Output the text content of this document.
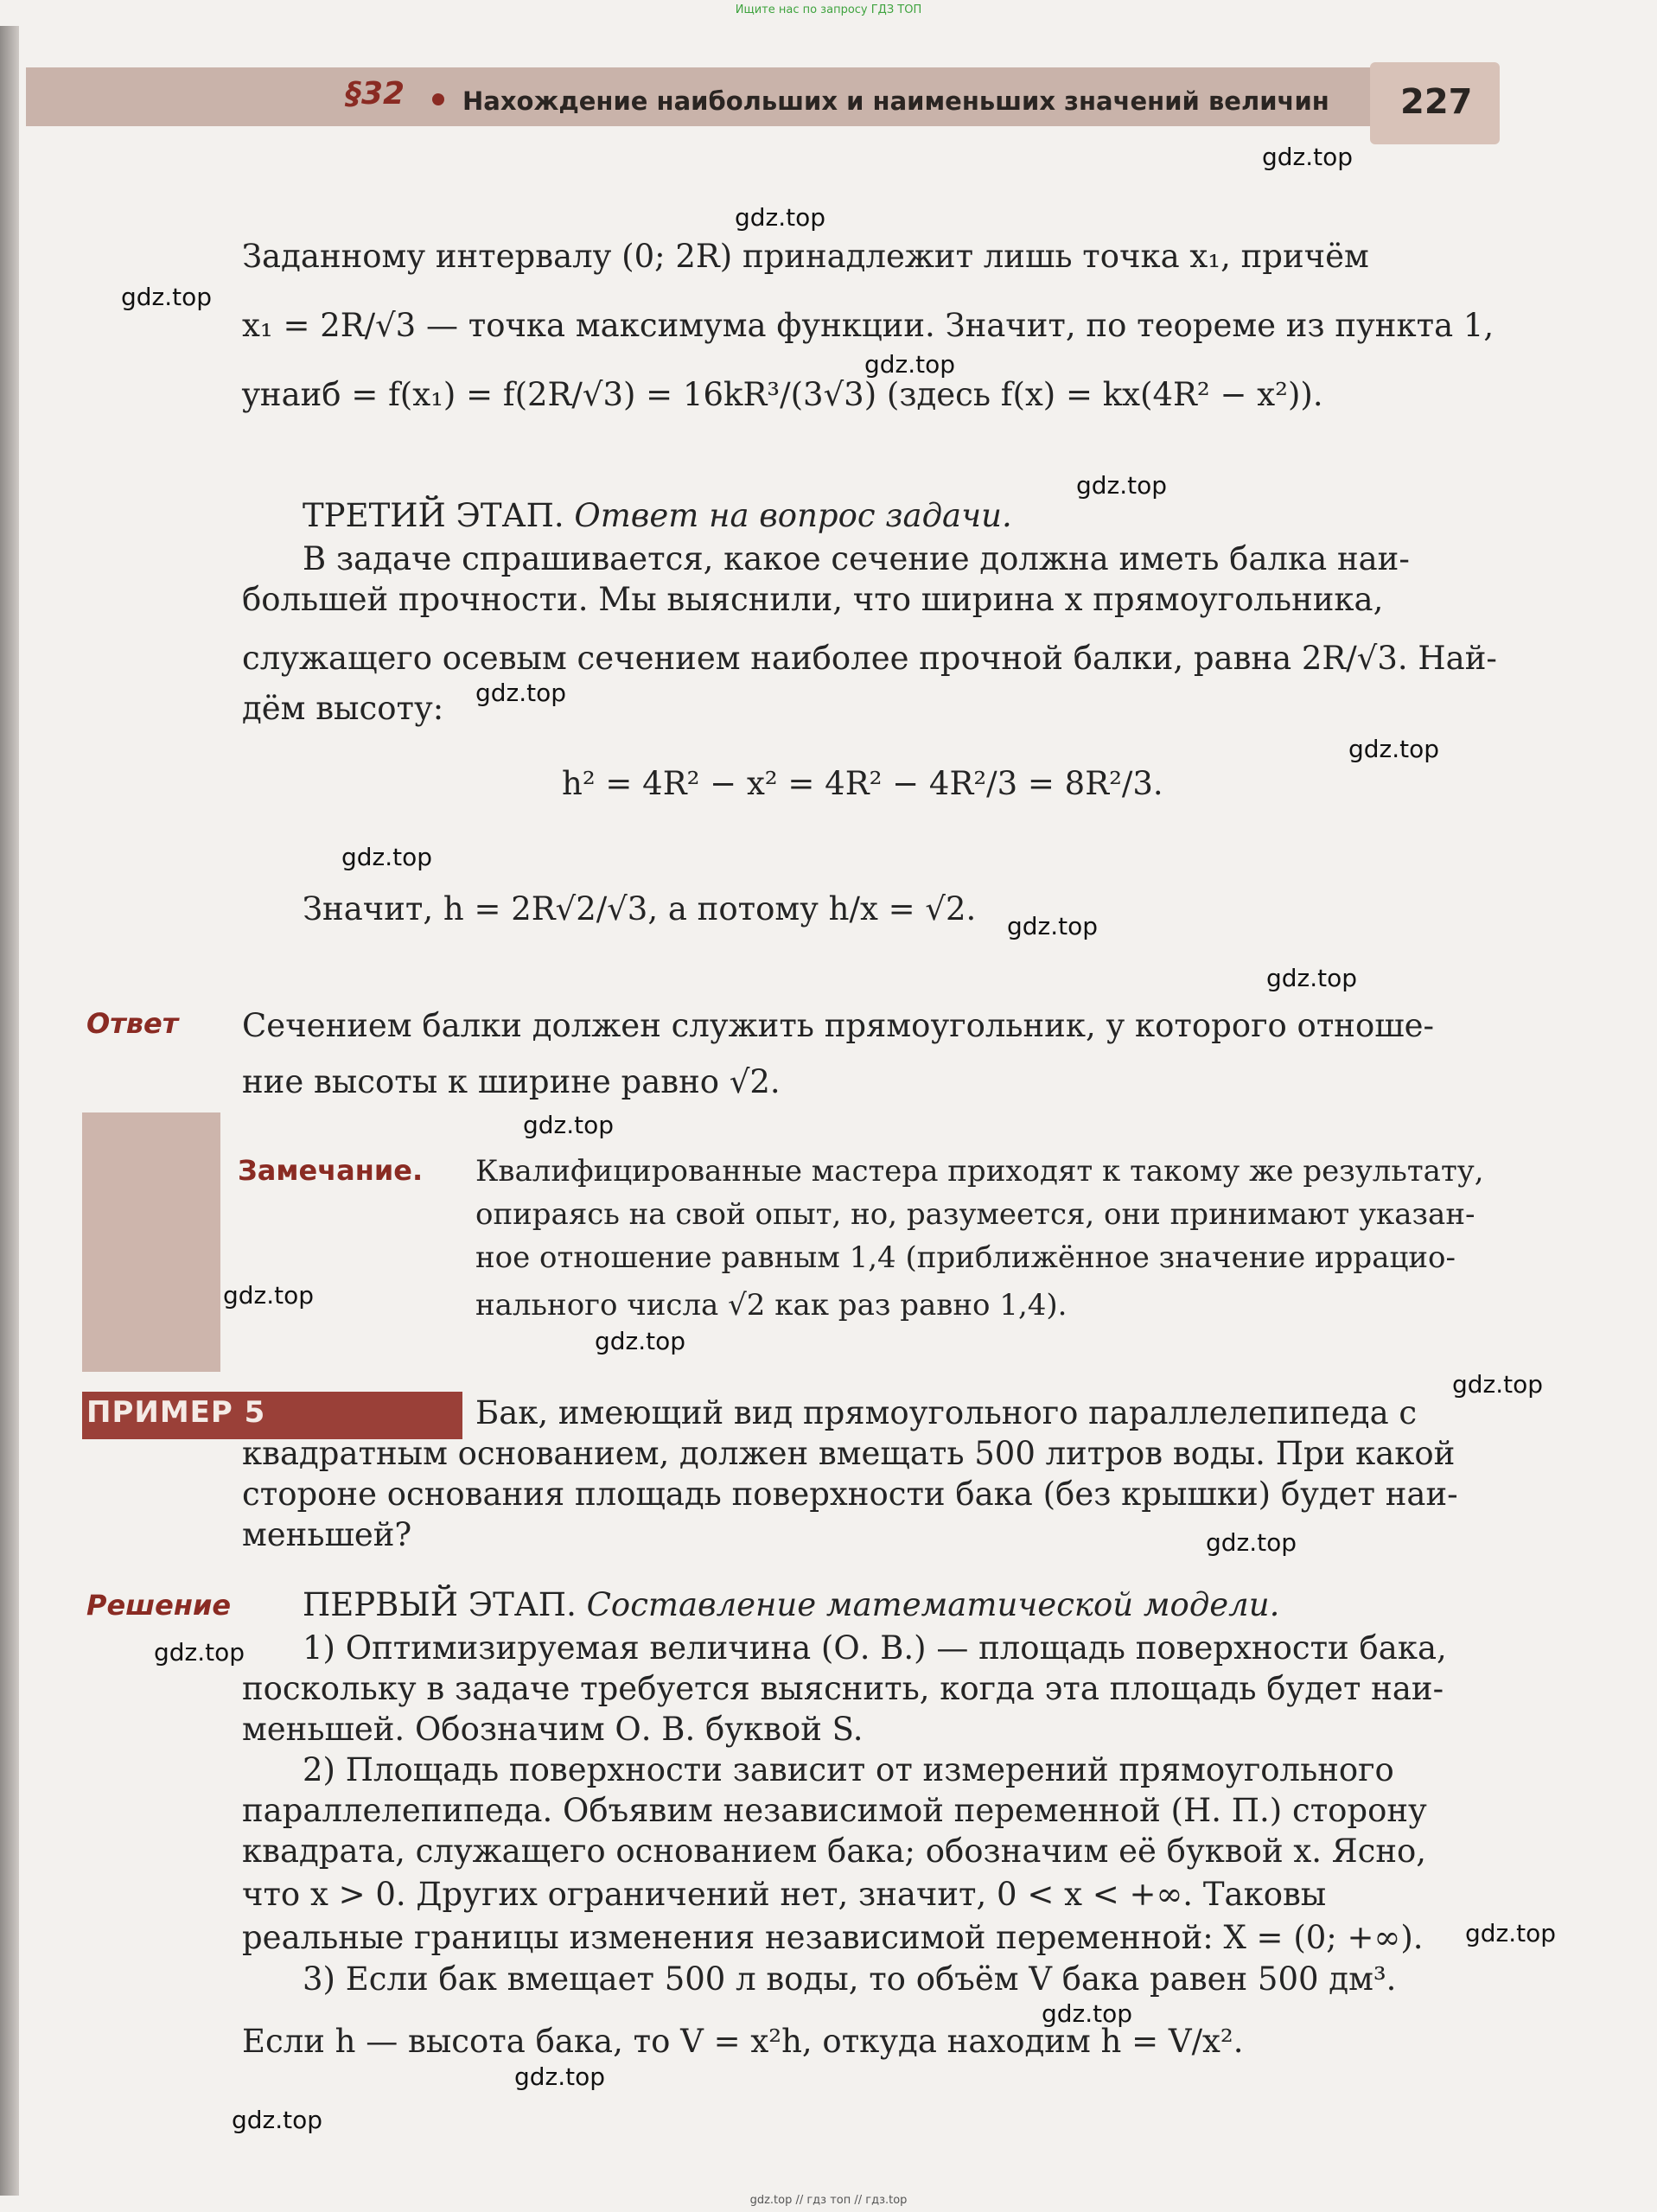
Ищите нас по запросу ГДЗ ТОП
§32 Нахождение наибольших и наименьших значений величин 227
Заданному интервалу (0; 2R) принадлежит лишь точка x₁, причём
x₁ = 2R/√3 — точка максимума функции. Значит, по теореме из пункта 1,
yнаиб = f(x₁) = f(2R/√3) = 16kR³/(3√3) (здесь f(x) = kx(4R² − x²)).
ТРЕТИЙ ЭТАП. Ответ на вопрос задачи.
В задаче спрашивается, какое сечение должна иметь балка наи-
большей прочности. Мы выяснили, что ширина x прямоугольника,
служащего осевым сечением наиболее прочной балки, равна 2R/√3. Най-
дём высоту:
h² = 4R² − x² = 4R² − 4R²/3 = 8R²/3.
Значит, h = 2R√2/√3, а потому h/x = √2.
Ответ Сечением балки должен служить прямоугольник, у которого отноше-
ние высоты к ширине равно √2.
Замечание. Квалифицированные мастера приходят к такому же результату,
опираясь на свой опыт, но, разумеется, они принимают указан-
ное отношение равным 1,4 (приближённое значение иррацио-
нального числа √2 как раз равно 1,4).
ПРИМЕР 5	Бак, имеющий вид прямоугольного параллелепипеда с
квадратным основанием, должен вмещать 500 литров воды. При какой
стороне основания площадь поверхности бака (без крышки) будет наи-
меньшей?
Решение ПЕРВЫЙ ЭТАП. Составление математической модели.
1) Оптимизируемая величина (О. В.) — площадь поверхности бака,
поскольку в задаче требуется выяснить, когда эта площадь будет наи-
меньшей. Обозначим О. В. буквой S.
2) Площадь поверхности зависит от измерений прямоугольного
параллелепипеда. Объявим независимой переменной (Н. П.) сторону
квадрата, служащего основанием бака; обозначим её буквой x. Ясно,
что x > 0. Других ограничений нет, значит, 0 < x < +∞. Таковы
реальные границы изменения независимой переменной: X = (0; +∞).
3) Если бак вмещает 500 л воды, то объём V бака равен 500 дм³.
Если h — высота бака, то V = x²h, откуда находим h = V/x².
gdz.top
gdz.top
gdz.top
gdz.top
gdz.top
gdz.top
gdz.top
gdz.top
gdz.top
gdz.top
gdz.top
gdz.top
gdz.top
gdz.top
gdz.top
gdz.top
gdz.top
gdz.top
gdz.top
gdz.top
gdz.top // гдз топ // гдз.top
